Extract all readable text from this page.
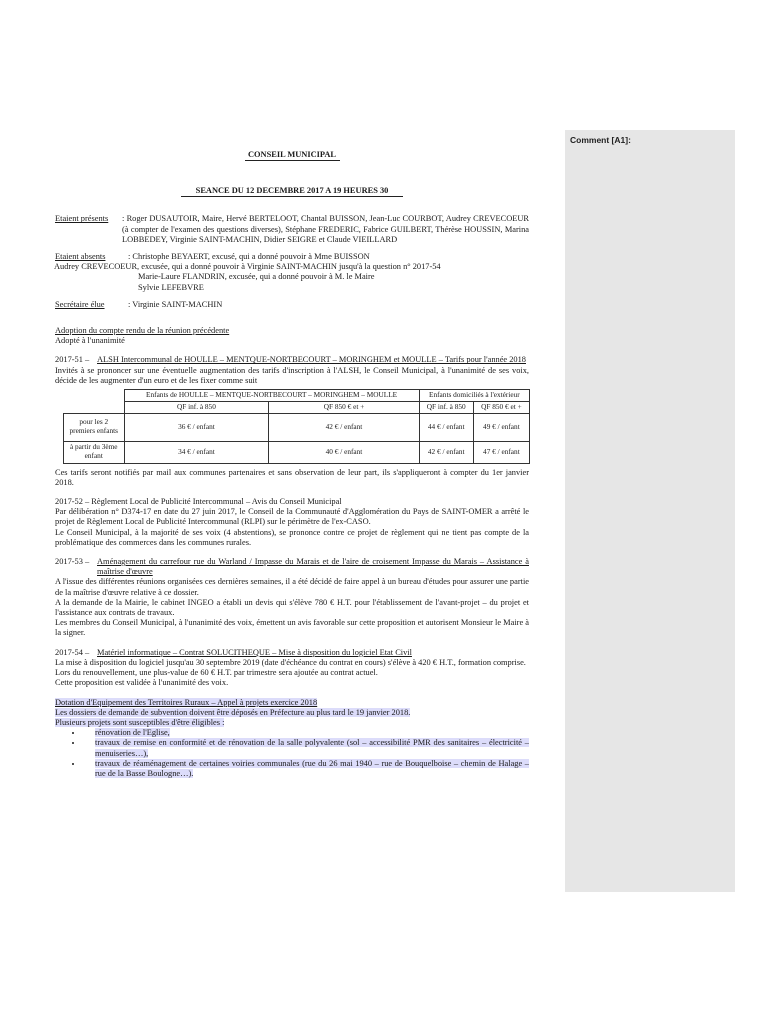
Comment [A1]:

CONSEIL MUNICIPAL

SEANCE DU 12 DECEMBRE 2017 A 19 HEURES 30

Etaient présents	: Roger DUSAUTOIR, Maire, Hervé BERTELOOT, Chantal BUISSON, Jean-Luc COURBOT, Audrey CREVECOEUR (à compter de l'examen des questions diverses), Stéphane FREDERIC, Fabrice GUILBERT, Thérèse HOUSSIN, Marina LOBBEDEY, Virginie SAINT-MACHIN, Didier SEIGRE et Claude VIEILLARD
Etaient absents	: Christophe BEYAERT, excusé, qui a donné pouvoir à Mme BUISSON
Audrey CREVECOEUR, excusée, qui a donné pouvoir à Virginie SAINT-MACHIN jusqu'à la question n° 2017-54
Marie-Laure FLANDRIN, excusée, qui a donné pouvoir à M. le Maire
Sylvie LEFEBVRE
Secrétaire élue	: Virginie SAINT-MACHIN

Adoption du compte rendu de la réunion précédente

Adopté à l'unanimité

2017-51 – ALSH Intercommunal de HOULLE – MENTQUE-NORTBECOURT – MORINGHEM et MOULLE – Tarifs pour l'année 2018

Invités à se prononcer sur une éventuelle augmentation des tarifs d'inscription à l'ALSH, le Conseil Municipal, à l'unanimité de ses voix, décide de les augmenter d'un euro et de les fixer comme suit

	Enfants de HOULLE – MENTQUE-NORTBECOURT – MORINGHEM – MOULLE		Enfants domiciliés à l'extérieur	
	QF inf. à 850	QF 850 € et +	QF inf. à 850	QF 850 € et +
pour les 2 premiers enfants	36 € / enfant	42 € / enfant	44 € / enfant	49 € / enfant
à partir du 3ème enfant	34 € / enfant	40 € / enfant	42 € / enfant	47 € / enfant

Ces tarifs seront notifiés par mail aux communes partenaires et sans observation de leur part, ils s'appliqueront à compter du 1er janvier 2018.

2017-52 – Règlement Local de Publicité Intercommunal – Avis du Conseil Municipal

Par délibération n° D374-17 en date du 27 juin 2017, le Conseil de la Communauté d'Agglomération du Pays de SAINT-OMER a arrêté le projet de Règlement Local de Publicité Intercommunal (RLPI) sur le périmètre de l'ex-CASO.

Le Conseil Municipal, à la majorité de ses voix (4 abstentions), se prononce contre ce projet de règlement qui ne tient pas compte de la problématique des commerces dans les communes rurales.

2017-53 – Aménagement du carrefour rue du Warland / Impasse du Marais et de l'aire de croisement Impasse du Marais – Assistance à maîtrise d'œuvre

A l'issue des différentes réunions organisées ces dernières semaines, il a été décidé de faire appel à un bureau d'études pour assurer une partie de la maîtrise d'œuvre relative à ce dossier.

A la demande de la Mairie, le cabinet INGEO a établi un devis qui s'élève 780 € H.T. pour l'établissement de l'avant-projet – du projet et l'assistance aux contrats de travaux.

Les membres du Conseil Municipal, à l'unanimité des voix, émettent un avis favorable sur cette proposition et autorisent Monsieur le Maire à la signer.

2017-54 – Matériel informatique – Contrat SOLUCITHEQUE – Mise à disposition du logiciel Etat Civil

La mise à disposition du logiciel jusqu'au 30 septembre 2019 (date d'échéance du contrat en cours) s'élève à 420 € H.T., formation comprise.

Lors du renouvellement, une plus-value de 60 € H.T. par trimestre sera ajoutée au contrat actuel.

Cette proposition est validée à l'unanimité des voix.

Dotation d'Equipement des Territoires Ruraux – Appel à projets exercice 2018

Les dossiers de demande de subvention doivent être déposés en Préfecture au plus tard le 19 janvier 2018.

Plusieurs projets sont susceptibles d'être éligibles :

• rénovation de l'Eglise,
• travaux de remise en conformité et de rénovation de la salle polyvalente (sol – accessibilité PMR des sanitaires – électricité – menuiseries…),
• travaux de réaménagement de certaines voiries communales (rue du 26 mai 1940 – rue de Bouquelboise – chemin de Halage – rue de la Basse Boulogne…).
